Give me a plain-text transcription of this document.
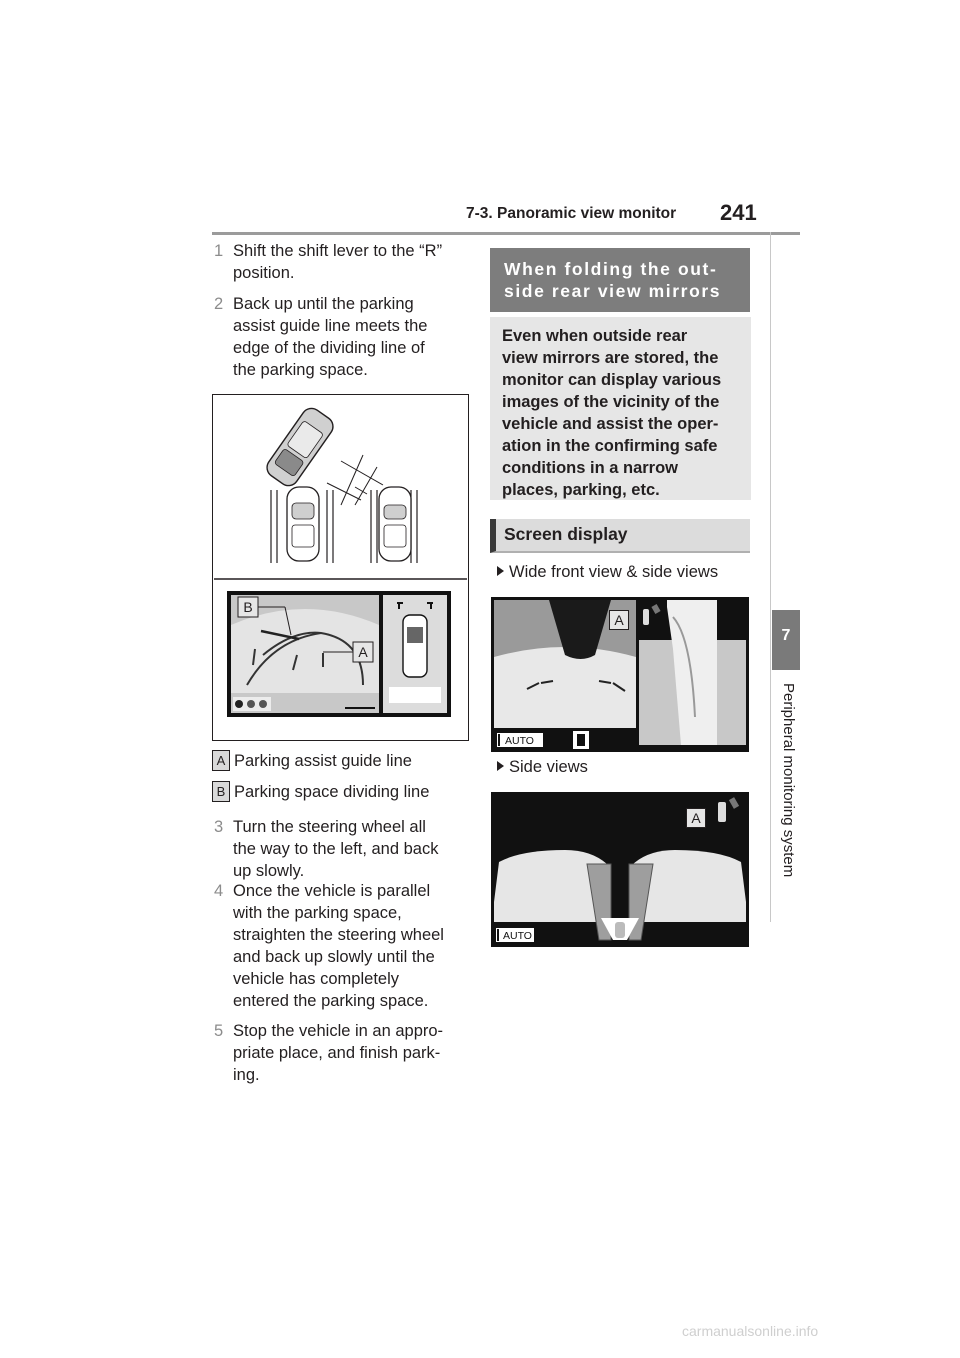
7-3. Panoramic view monitor 241
7
Peripheral monitoring system
1 Shift the shift lever to the “R”
position.
2 Back up until the parking
assist guide line meets the
edge of the dividing line of
the parking space.
B
A
A Parking assist guide line
B Parking space dividing line
3 Turn the steering wheel all
the way to the left, and back
up slowly.
4 Once the vehicle is parallel
with the parking space,
straighten the steering wheel
and back up slowly until the
vehicle has completely
entered the parking space.
5 Stop the vehicle in an appro-
priate place, and finish park-
ing.
When folding the out-
side rear view mirrors
Even when outside rear
view mirrors are stored, the
monitor can display various
images of the vicinity of the
vehicle and assist the oper-
ation in the confirming safe
conditions in a narrow
places, parking, etc.
Screen display
Wide front view & side views
AUTO
A
Side views
AUTO
A
carmanualsonline.info
